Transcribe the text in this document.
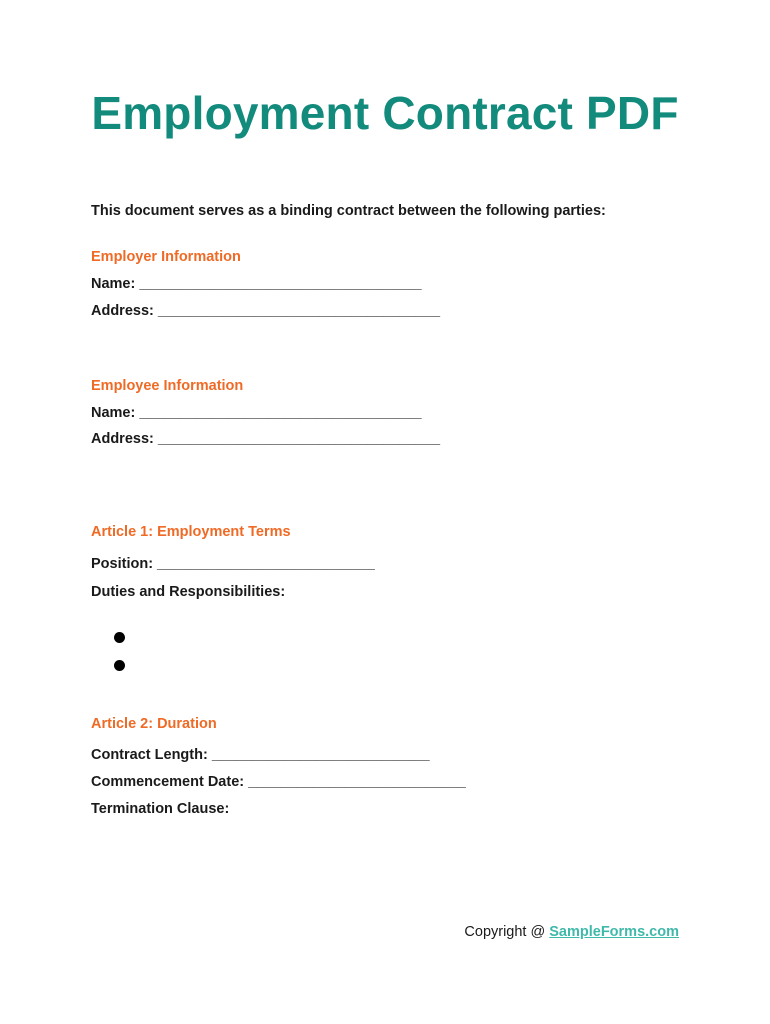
Employment Contract PDF
This document serves as a binding contract between the following parties:
Employer Information
Name: ___________________________________
Address: ___________________________________
Employee Information
Name: ___________________________________
Address: ___________________________________
Article 1: Employment Terms
Position: ___________________________
Duties and Responsibilities:
Article 2: Duration
Contract Length: ___________________________
Commencement Date: ___________________________
Termination Clause:
Copyright @ SampleForms.com
